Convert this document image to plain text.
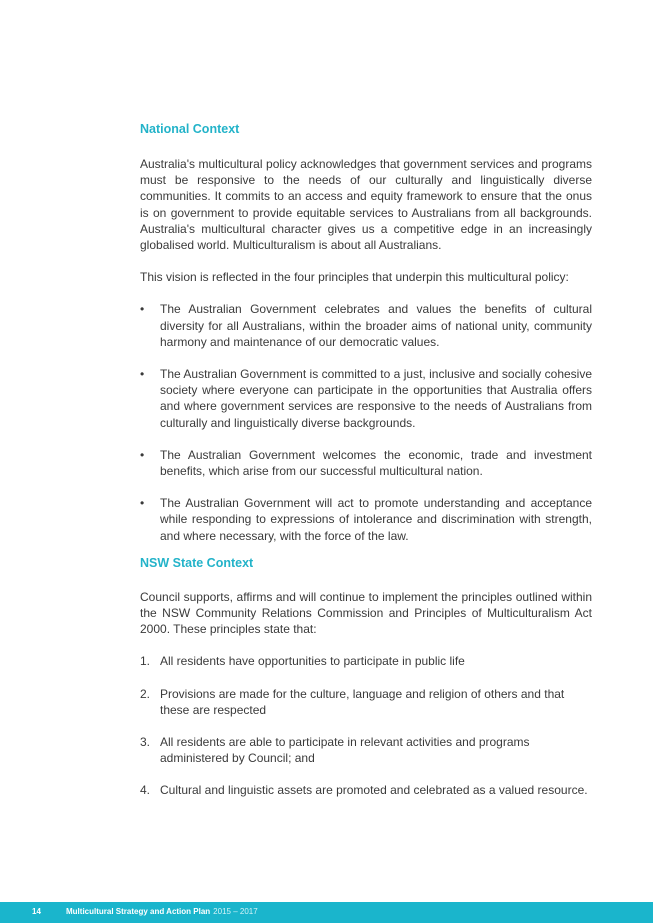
National Context

Australia's multicultural policy acknowledges that government services and programs must be responsive to the needs of our culturally and linguistically diverse communities. It commits to an access and equity framework to ensure that the onus is on government to provide equitable services to Australians from all backgrounds. Australia's multicultural character gives us a competitive edge in an increasingly globalised world. Multiculturalism is about all Australians.

This vision is reflected in the four principles that underpin this multicultural policy:

•	The Australian Government celebrates and values the benefits of cultural diversity for all Australians, within the broader aims of national unity, community harmony and maintenance of our democratic values.
•	The Australian Government is committed to a just, inclusive and socially cohesive society where everyone can participate in the opportunities that Australia offers and where government services are responsive to the needs of Australians from culturally and linguistically diverse backgrounds.
•	The Australian Government welcomes the economic, trade and investment benefits, which arise from our successful multicultural nation.
•	The Australian Government will act to promote understanding and acceptance while responding to expressions of intolerance and discrimination with strength, and where necessary, with the force of the law.
NSW State Context

Council supports, affirms and will continue to implement the principles outlined within the NSW Community Relations Commission and Principles of Multiculturalism Act 2000. These principles state that:

1. All residents have opportunities to participate in public life
2. Provisions are made for the culture, language and religion of others and that these are respected
3. All residents are able to participate in relevant activities and programs administered by Council; and
4. Cultural and linguistic assets are promoted and celebrated as a valued resource.
14	Multicultural Strategy and Action Plan 2015 – 2017
